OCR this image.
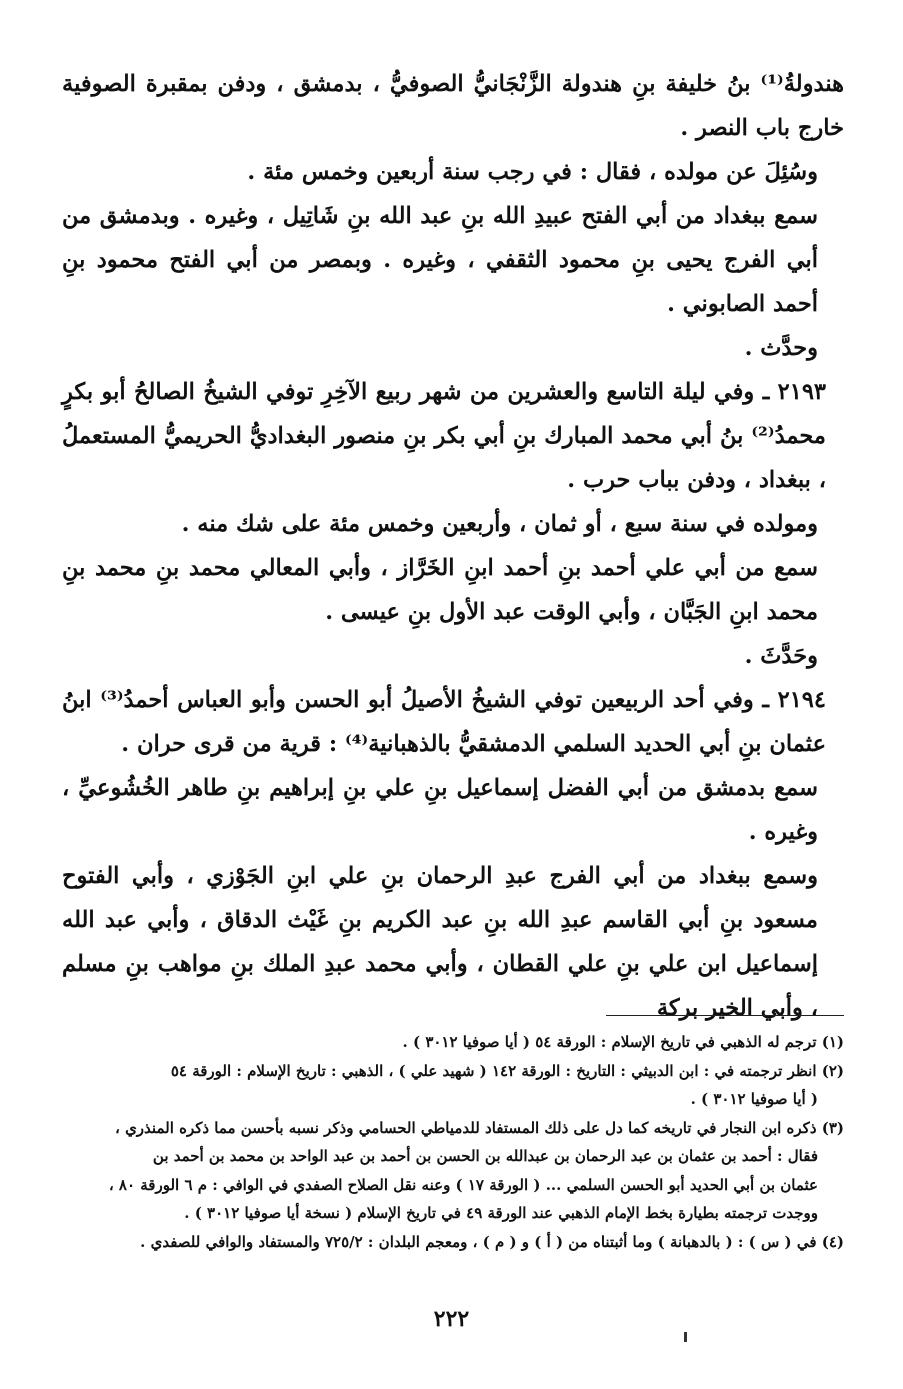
هندولةُ⁽¹⁾ بنُ خليفة بنِ هندولة الزَّنْجَانيُّ الصوفيُّ ، بدمشق ، ودفن بمقبرة الصوفية خارج باب النصر .

وسُئِلَ عن مولده ، فقال : في رجب سنة أربعين وخمس مئة .

سمع ببغداد من أبي الفتح عبيدِ الله بنِ عبد الله بنِ شَاتِيل ، وغيره . وبدمشق من أبي الفرج يحيى بنِ محمود الثقفي ، وغيره . وبمصر من أبي الفتح محمود بنِ أحمد الصابوني .

وحدَّث .

٢١٩٣ ـ وفي ليلة التاسع والعشرين من شهر ربيع الآخِرِ توفي الشيخُ الصالحُ أبو بكرٍ محمدُ⁽²⁾ بنُ أبي محمد المبارك بنِ أبي بكر بنِ منصور البغداديُّ الحريميُّ المستعملُ ، ببغداد ، ودفن بباب حرب .

ومولده في سنة سبع ، أو ثمان ، وأربعين وخمس مئة على شك منه .

سمع من أبي علي أحمد بنِ أحمد ابنِ الخَرَّاز ، وأبي المعالي محمد بنِ محمد بنِ محمد ابنِ الجَبَّان ، وأبي الوقت عبد الأول بنِ عيسى .

وحَدَّثَ .

٢١٩٤ ـ وفي أحد الربيعين توفي الشيخُ الأصيلُ أبو الحسن وأبو العباس أحمدُ⁽³⁾ ابنُ عثمان بنِ أبي الحديد السلمي الدمشقيُّ بالذهبانية⁽⁴⁾ : قرية من قرى حران .

سمع بدمشق من أبي الفضل إسماعيل بنِ علي بنِ إبراهيم بنِ طاهر الخُشُوعيِّ ، وغيره .

وسمع ببغداد من أبي الفرج عبدِ الرحمان بنِ علي ابنِ الجَوْزي ، وأبي الفتوح مسعود بنِ أبي القاسم عبدِ الله بنِ عبد الكريم بنِ غَيْث الدقاق ، وأبي عبد الله إسماعيل ابن علي بنِ علي القطان ، وأبي محمد عبدِ الملك بنِ مواهب بنِ مسلم ، وأبي الخير بركة

(١) ترجم له الذهبي في تاريخ الإسلام : الورقة ٥٤ ( أيا صوفيا ٣٠١٢ ) .

(٢) انظر ترجمته في : ابن الدبيثي : التاريخ : الورقة ١٤٢ ( شهيد علي ) ، الذهبي : تاريخ الإسلام : الورقة ٥٤

( أيا صوفيا ٣٠١٢ ) .

(٣) ذكره ابن النجار في تاريخه كما دل على ذلك المستفاد للدمياطي الحسامي وذكر نسبه بأحسن مما ذكره المنذري ،

فقال : أحمد بن عثمان بن عبد الرحمان بن عبدالله بن الحسن بن أحمد بن عبد الواحد بن محمد بن أحمد بن

عثمان بن أبي الحديد أبو الحسن السلمي ... ( الورقة ١٧ ) وعنه نقل الصلاح الصفدي في الوافي : م ٦ الورقة ٨٠ ،

ووجدت ترجمته بطيارة بخط الإمام الذهبي عند الورقة ٤٩ في تاريخ الإسلام ( نسخة أيا صوفيا ٣٠١٢ ) .

(٤) في ( س ) : ( بالدهبانة ) وما أثبتناه من ( أ ) و ( م ) ، ومعجم البلدان : ٧٢٥/٢ والمستفاد والوافي للصفدي .

٢٢٢
